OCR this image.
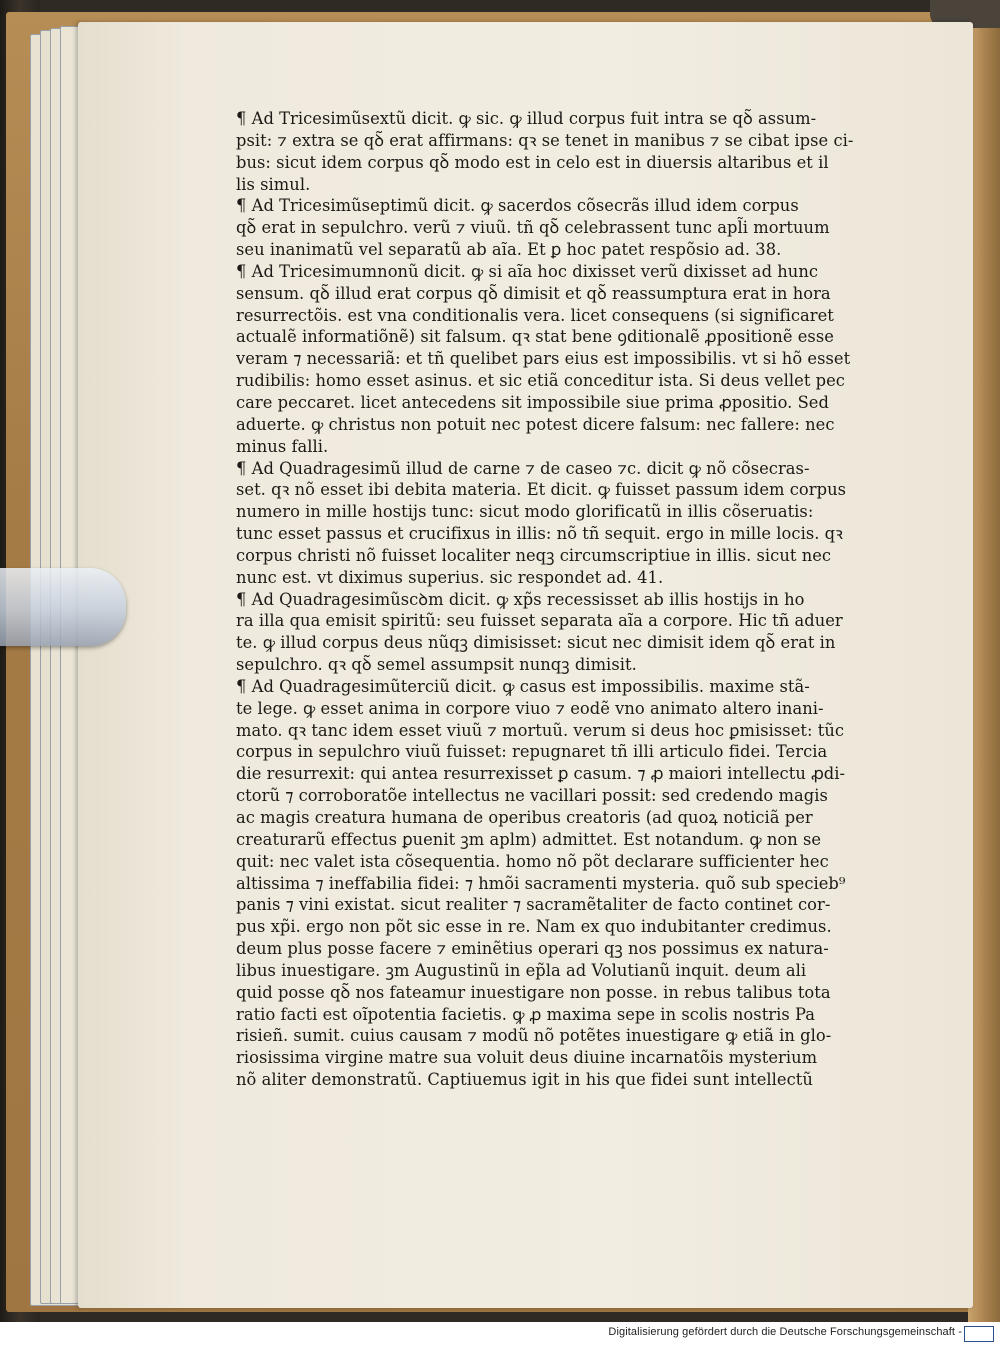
¶ Ad Tricesimũsextũ dicit. ꝙ sic. ꝙ illud corpus fuit intra se qꝺ̃ assum-
psit: ⁊ extra se qꝺ̃ erat affirmans: qꝛ se tenet in manibus ⁊ se cibat ipse ci-
bus: sicut idem corpus qꝺ̃ modo est in celo est in diuersis altaribus et il
lis simul.
¶ Ad Tricesimũseptimũ dicit. ꝙ sacerdos cõsecrãs illud idem corpus
qꝺ̃ erat in sepulchro. verũ ⁊ viuũ. tñ qꝺ̃ celebrassent tunc apl̃i mortuum
seu inanimatũ vel separatũ ab aĩa. Et ꝑ hoc patet respõsio ad. 38.
¶ Ad Tricesimumnonũ dicit. ꝙ si aĩa hoc dixisset verũ dixisset ad hunc
sensum. qꝺ̃ illud erat corpus qꝺ̃ dimisit et qꝺ̃ reassumptura erat in hora
resurrectõis. est vna conditionalis vera. licet consequens (si significaret
actualẽ informatiõnẽ) sit falsum. qꝛ stat bene ꝯditionalẽ ꝓpositionẽ esse
veram ⁊ necessariã: et tñ quelibet pars eius est impossibilis. vt si hõ esset
rudibilis: homo esset asinus. et sic etiã conceditur ista. Si deus vellet pec
care peccaret. licet antecedens sit impossibile siue prima ꝓpositio. Sed
aduerte. ꝙ christus non potuit nec potest dicere falsum: nec fallere: nec
minus falli.
¶ Ad Quadragesimũ illud de carne ⁊ de caseo ⁊c. dicit ꝙ nõ cõsecras-
set. qꝛ nõ esset ibi debita materia. Et dicit. ꝙ fuisset passum idem corpus
numero in mille hostijs tunc: sicut modo glorificatũ in illis cõseruatis:
tunc esset passus et crucifixus in illis: nõ tñ sequit. ergo in mille locis. qꝛ
corpus christi nõ fuisset localiter neqꝫ circumscriptiue in illis. sicut nec
nunc est. vt diximus superius. sic respondet ad. 41.
¶ Ad Quadragesimũscꝺm dicit. ꝙ xp̃s recessisset ab illis hostijs in ho
ra illa qua emisit spiritũ: seu fuisset separata aĩa a corpore. Hic tñ aduer
te. ꝙ illud corpus deus nũqꝫ dimisisset: sicut nec dimisit idem qꝺ̃ erat in
sepulchro. qꝛ qꝺ̃ semel assumpsit nunqꝫ dimisit.
¶ Ad Quadragesimũterciũ dicit. ꝙ casus est impossibilis. maxime stã-
te lege. ꝙ esset anima in corpore viuo ⁊ eodẽ vno animato altero inani-
mato. qꝛ tanc idem esset viuũ ⁊ mortuũ. verum si deus hoc ꝑmisisset: tũc
corpus in sepulchro viuũ fuisset: repugnaret tñ illi articulo fidei. Tercia
die resurrexit: qui antea resurrexisset ꝑ casum. ⁊ ꝓ maiori intellectu ꝓdi-
ctorũ ⁊ corroboratõe intellectus ne vacillari possit: sed credendo magis
ac magis creatura humana de operibus creatoris (ad quoꝝ noticiã per
creaturarũ effectus ꝑuenit ꝫm aplm) admittet. Est notandum. ꝙ non se
quit: nec valet ista cõsequentia. homo nõ põt declarare sufficienter hec
altissima ⁊ ineffabilia fidei: ⁊ hmõi sacramenti mysteria. quõ sub specieb⁹
panis ⁊ vini existat. sicut realiter ⁊ sacramẽtaliter de facto continet cor-
pus xp̃i. ergo non põt sic esse in re. Nam ex quo indubitanter credimus.
deum plus posse facere ⁊ eminẽtius operari qꝫ nos possimus ex natura-
libus inuestigare. ꝫm Augustinũ in ep̃la ad Volutianũ inquit. deum ali
quid posse qꝺ̃ nos fateamur inuestigare non posse. in rebus talibus tota
ratio facti est oĩpotentia facietis. ꝙ ꝓ maxima sepe in scolis nostris Pa
risieñ. sumit. cuius causam ⁊ modũ nõ potẽtes inuestigare ꝙ etiã in glo-
riosissima virgine matre sua voluit deus diuine incarnatõis mysterium
nõ aliter demonstratũ. Captiuemus igit in his que fidei sunt intellectũ
Digitalisierung gefördert durch die Deutsche Forschungsgemeinschaft -
